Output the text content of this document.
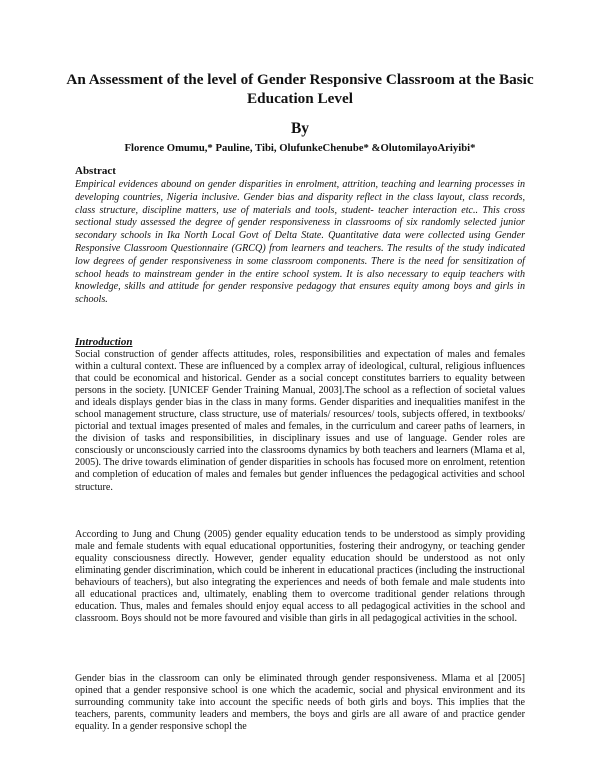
An Assessment of the level of Gender Responsive Classroom at the Basic Education Level
By
Florence Omumu,* Pauline, Tibi, OlufunkeChenube* &OlutomilayoAriyibi*
Abstract

Empirical evidences abound on gender disparities in enrolment, attrition, teaching and learning processes in developing countries, Nigeria inclusive. Gender bias and disparity reflect in the class layout, class records, class structure, discipline matters, use of materials and tools, student- teacher interaction etc.. This cross sectional study assessed the degree of gender responsiveness in classrooms of six randomly selected junior secondary schools in Ika North Local Govt of Delta State. Quantitative data were collected using Gender Responsive Classroom Questionnaire (GRCQ) from learners and teachers. The results of the study indicated low degrees of gender responsiveness in some classroom components. There is the need for sensitization of school heads to mainstream gender in the entire school system. It is also necessary to equip teachers with knowledge, skills and attitude for gender responsive pedagogy that ensures equity among boys and girls in schools.

Introduction

Social construction of gender affects attitudes, roles, responsibilities and expectation of males and females within a cultural context. These are influenced by a complex array of ideological, cultural, religious influences that could be economical and historical. Gender as a social concept constitutes barriers to equality between persons in the society. [UNICEF Gender Training Manual, 2003].The school as a reflection of societal values and ideals displays gender bias in the class in many forms. Gender disparities and inequalities manifest in the school management structure, class structure, use of materials/ resources/ tools, subjects offered, in textbooks/ pictorial and textual images presented of males and females, in the curriculum and career paths of learners, in the division of tasks and responsibilities, in disciplinary issues and use of language. Gender roles are consciously or unconsciously carried into the classrooms dynamics by both teachers and learners (Mlama et al, 2005). The drive towards elimination of gender disparities in schools has focused more on enrolment, retention and completion of education of males and females but gender influences the pedagogical activities and school structure.

According to Jung and Chung (2005) gender equality education tends to be understood as simply providing male and female students with equal educational opportunities, fostering their androgyny, or teaching gender equality consciousness directly. However, gender equality education should be understood as not only eliminating gender discrimination, which could be inherent in educational practices (including the instructional behaviours of teachers), but also integrating the experiences and needs of both female and male students into all educational practices and, ultimately, enabling them to overcome traditional gender relations through education. Thus, males and females should enjoy equal access to all pedagogical activities in the school and classroom. Boys should not be more favoured and visible than girls in all pedagogical activities in the school.

Gender bias in the classroom can only be eliminated through gender responsiveness. Mlama et al [2005] opined that a gender responsive school is one which the academic, social and physical environment and its surrounding community take into account the specific needs of both girls and boys. This implies that the teachers, parents, community leaders and members, the boys and girls are all aware of and practice gender equality. In a gender responsive schopl the
